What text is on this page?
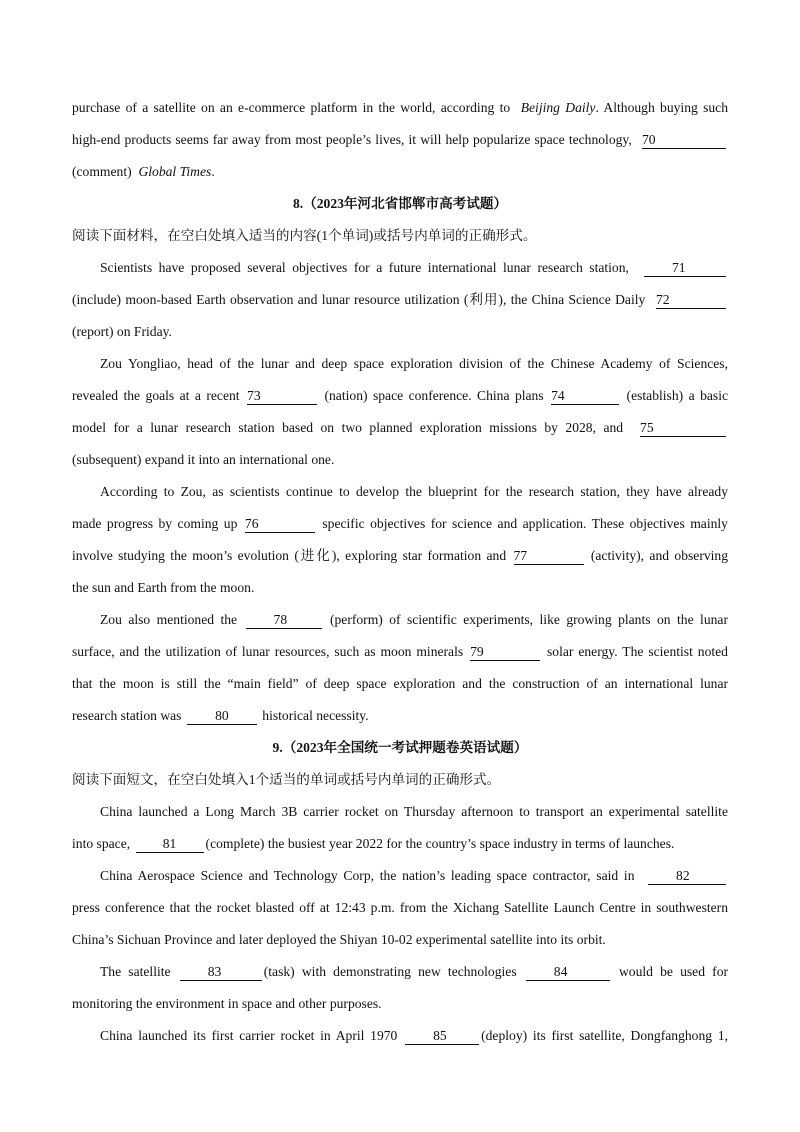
purchase of a satellite on an e-commerce platform in the world, according to Beijing Daily. Although buying such

high-end products seems far away from most people’s lives, it will help popularize space technology, 70

(comment) Global Times.

8.（2023年河北省邯郸市高考试题）

阅读下面材料，在空白处填入适当的内容(1个单词)或括号内单词的正确形式。

Scientists have proposed several objectives for a future international lunar research station,	71

(include) moon-based Earth observation and lunar resource utilization (利用), the China Science Daily 72

(report) on Friday.

Zou Yongliao, head of the lunar and deep space exploration division of the Chinese Academy of Sciences,

revealed the goals at a recent 73	(nation) space conference. China plans 74	(establish) a basic

model for a lunar research station based on two planned exploration missions by 2028, and 75

(subsequent) expand it into an international one.

According to Zou, as scientists continue to develop the blueprint for the research station, they have already

made progress by coming up 76	specific objectives for science and application. These objectives mainly

involve studying the moon’s evolution (进化), exploring star formation and 77	(activity), and observing

the sun and Earth from the moon.

Zou also mentioned the	78	(perform) of scientific experiments, like growing plants on the lunar

surface, and the utilization of lunar resources, such as moon minerals 79	solar energy. The scientist noted

that the moon is still the “main field” of deep space exploration and the construction of an international lunar

research station was 80 historical necessity.

9.（2023年全国统一考试押题卷英语试题）

阅读下面短文，在空白处填入1个适当的单词或括号内单词的正确形式。

China launched a Long March 3B carrier rocket on Thursday afternoon to transport an experimental satellite

into space, 81 (complete) the busiest year 2022 for the country’s space industry in terms of launches.

China Aerospace Science and Technology Corp, the nation’s leading space contractor, said in	82

press conference that the rocket blasted off at 12:43 p.m. from the Xichang Satellite Launch Centre in southwestern

China’s Sichuan Province and later deployed the Shiyan 10-02 experimental satellite into its orbit.

The satellite	83	(task) with demonstrating new technologies	84	would be used for

monitoring the environment in space and other purposes.

China launched its first carrier rocket in April 1970	85	(deploy) its first satellite, Dongfanghong 1,
